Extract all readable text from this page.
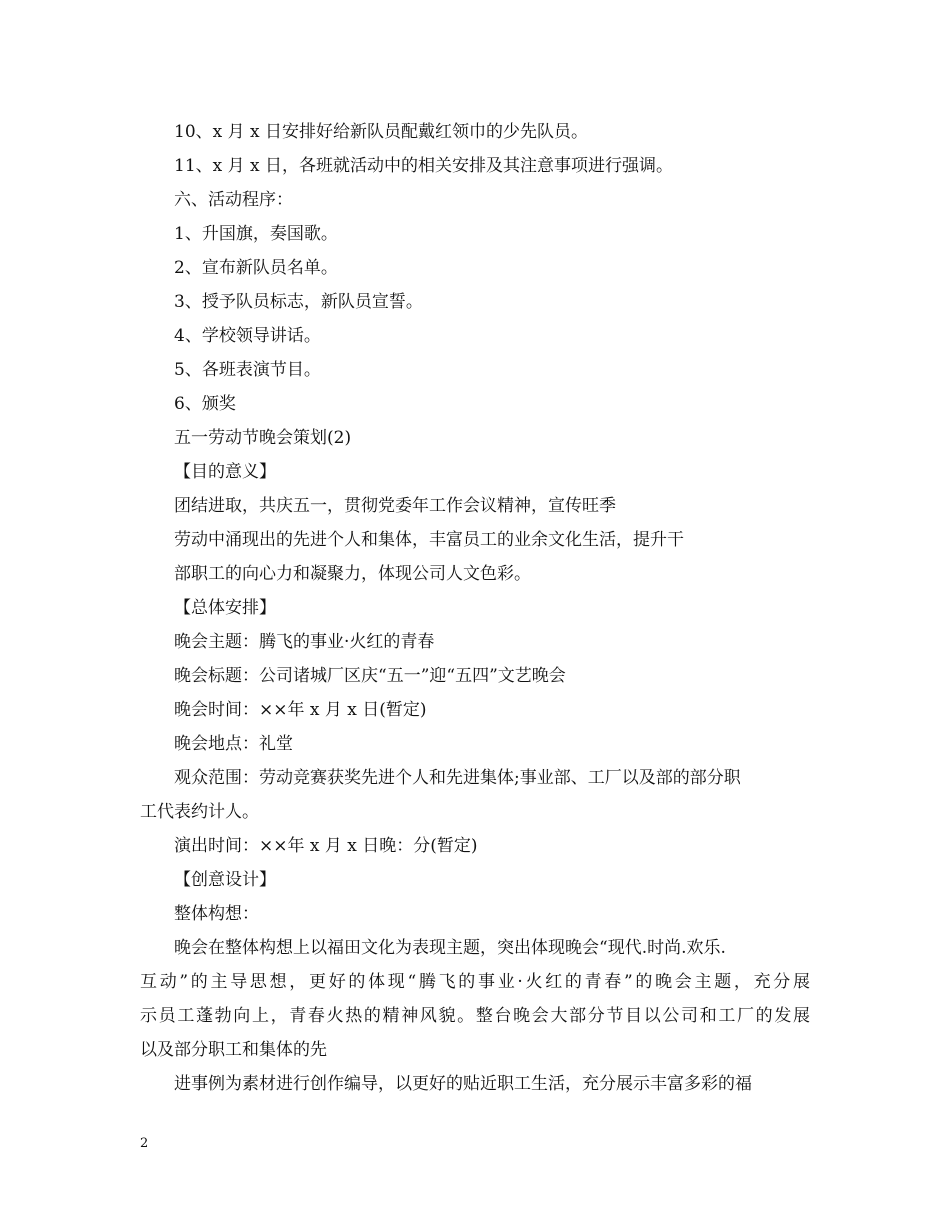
10、x 月 x 日安排好给新队员配戴红领巾的少先队员。
11、x 月 x 日，各班就活动中的相关安排及其注意事项进行强调。
六、活动程序：
1、升国旗，奏国歌。
2、宣布新队员名单。
3、授予队员标志，新队员宣誓。
4、学校领导讲话。
5、各班表演节目。
6、颁奖
五一劳动节晚会策划(2)
【目的意义】
团结进取，共庆五一，贯彻党委年工作会议精神，宣传旺季
劳动中涌现出的先进个人和集体，丰富员工的业余文化生活，提升干
部职工的向心力和凝聚力，体现公司人文色彩。
【总体安排】
晚会主题：腾飞的事业·火红的青春
晚会标题：公司诸城厂区庆“五一”迎“五四”文艺晚会
晚会时间：××年 x 月 x 日(暂定)
晚会地点：礼堂
观众范围：劳动竞赛获奖先进个人和先进集体;事业部、工厂以及部的部分职
工代表约计人。
演出时间：××年 x 月 x 日晚：分(暂定)
【创意设计】
整体构想：
晚会在整体构想上以福田文化为表现主题，突出体现晚会“现代.时尚.欢乐.
互动”的主导思想，更好的体现“腾飞的事业·火红的青春”的晚会主题，充分展
示员工蓬勃向上，青春火热的精神风貌。整台晚会大部分节目以公司和工厂的发展
以及部分职工和集体的先
进事例为素材进行创作编导，以更好的贴近职工生活，充分展示丰富多彩的福
2
